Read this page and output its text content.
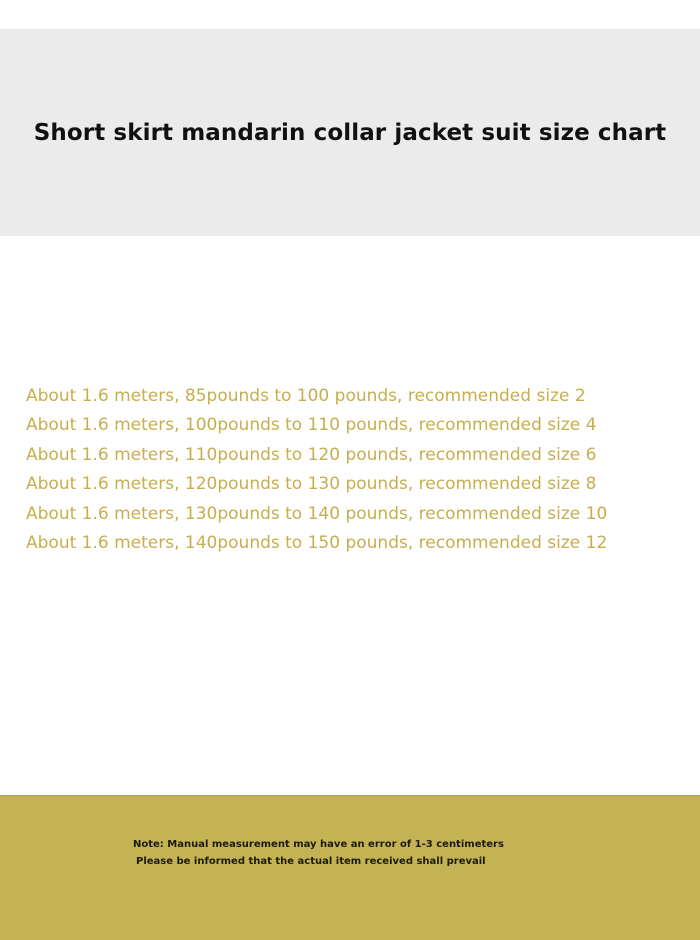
Short skirt mandarin collar jacket suit size chart
About 1.6 meters, 85pounds to 100 pounds, recommended size 2
About 1.6 meters, 100pounds to 110 pounds, recommended size 4
About 1.6 meters, 110pounds to 120 pounds, recommended size 6
About 1.6 meters, 120pounds to 130 pounds, recommended size 8
About 1.6 meters, 130pounds to 140 pounds, recommended size 10
About 1.6 meters, 140pounds to 150 pounds, recommended size 12
Note: Manual measurement may have an error of 1-3 centimeters
Please be informed that the actual item received shall prevail
